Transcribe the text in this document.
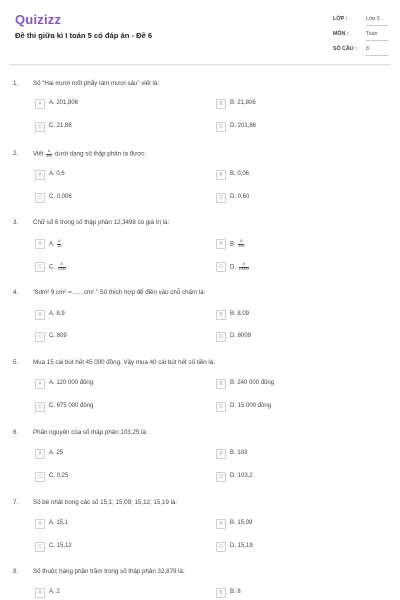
Quizizz
Đề thi giữa kì I toán 5 có đáp án - Đề 6
LỚP :	Lớp 5
MÔN :	Toán
SỐ CÂU : 8
1. Số “Hai mươi mốt phẩy tám mươi sáu” viết là:
A	A. 201,806	B	B. 21,806
C	C. 21,86	D	D. 201,86
2. Viết $\frac{6}{100}$ dưới dạng số thập phân ta được:
A	A. 0,6	B	B. 0,06
C	C. 0,006	D	D. 0,60
3. Chữ số 8 trong số thập phân 12,3498 có giá trị là:
A	A. $\frac{8}{10}$	B	B. $\frac{8}{100}$
C	C. $\frac{8}{1000}$	D	D. $\frac{8}{10000}$
4. “8dm² 9 cm² = ..... cm².” Số thích hợp để điền vào chỗ chấm là:
A	A. 8,9	B	B. 8,09
C	C. 809	D	D. 8009
5. Mua 15 cái bút hết 45 000 đồng. Vậy mua 40 cái bút hết số tiền là:
A	A. 120 000 đồng	B	B. 240 000 đồng
C	C. 675 000 đồng	D	D. 15 000 đồng
6. Phần nguyên của số thập phân 103,25 là:
A	A. 25	B	B. 103
C	C. 0,25	D	D. 103,2
7. Số bé nhất trong các số 15,1; 15,09; 15,12; 15,19 là:
A	A. 15,1	B	B. 15,09
C	C. 15,12	D	D. 15,19
8. Số thuộc hàng phần trăm trong số thập phân 32,879 là:
A	A. 2	B	B. 8
